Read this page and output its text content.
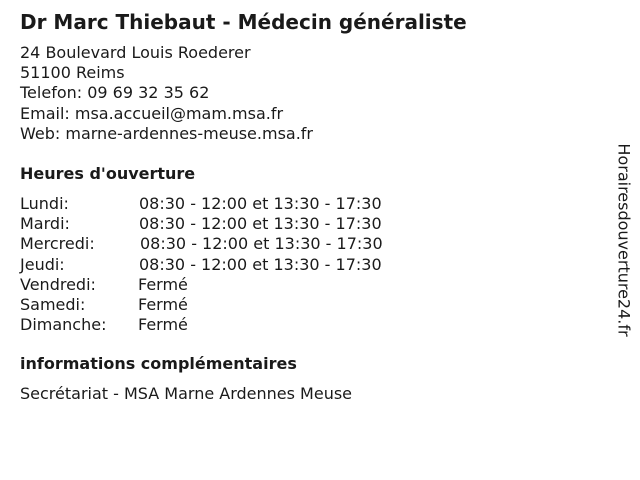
Dr Marc Thiebaut - Médecin généraliste
24 Boulevard Louis Roederer
51100 Reims
Telefon: 09 69 32 35 62
Email: msa.accueil@mam.msa.fr
Web: marne-ardennes-meuse.msa.fr
Heures d'ouverture
Lundi:	08:30 - 12:00 et 13:30 - 17:30
Mardi:	08:30 - 12:00 et 13:30 - 17:30
Mercredi:	08:30 - 12:00 et 13:30 - 17:30
Jeudi:	08:30 - 12:00 et 13:30 - 17:30
Vendredi:	Fermé
Samedi:	Fermé
Dimanche: Fermé
informations complémentaires
Secrétariat - MSA Marne Ardennes Meuse
Horairesdouverture24.fr
